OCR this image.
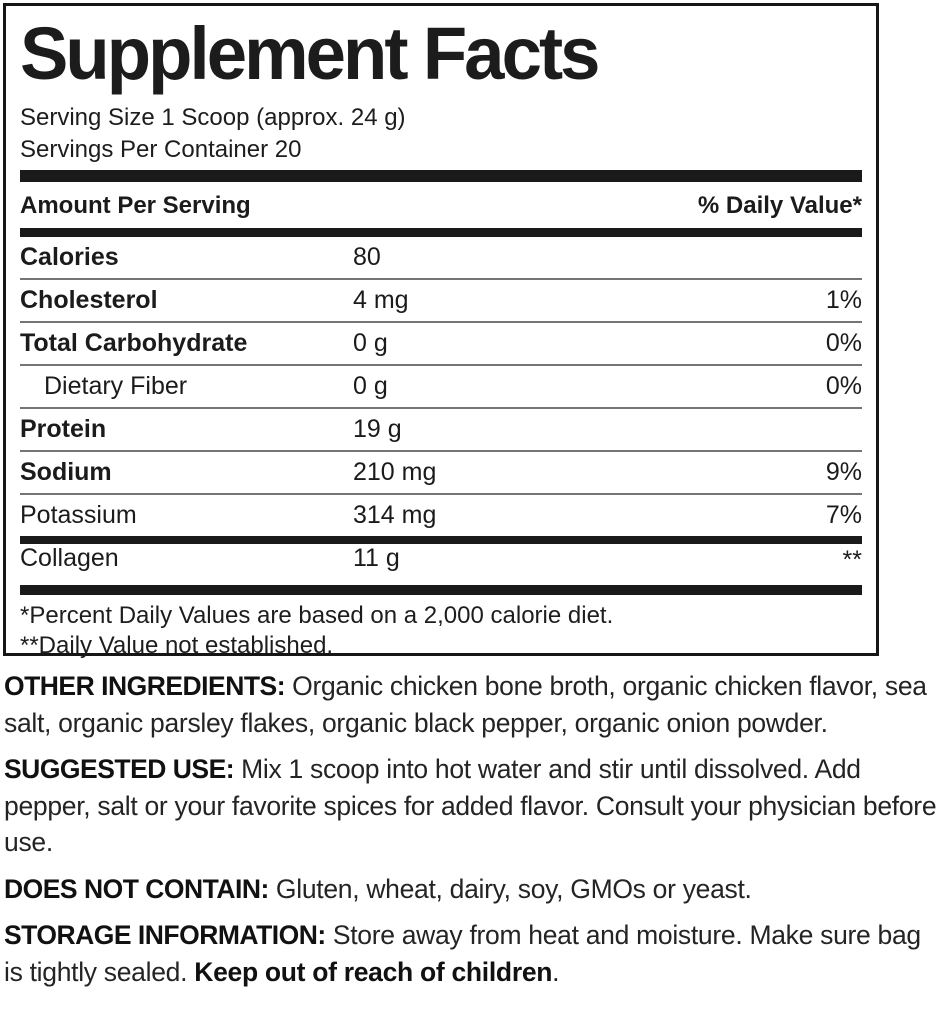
Supplement Facts
Serving Size 1 Scoop (approx. 24 g)
Servings Per Container 20
Amount Per Serving	% Daily Value*
Calories	80
Cholesterol	4 mg	1%
Total Carbohydrate	0 g	0%
Dietary Fiber	0 g	0%
Protein	19 g
Sodium	210 mg	9%
Potassium	314 mg	7%
Collagen	11 g	**
*Percent Daily Values are based on a 2,000 calorie diet.
**Daily Value not established.

OTHER INGREDIENTS: Organic chicken bone broth, organic chicken flavor, sea salt, organic parsley flakes, organic black pepper, organic onion powder.

SUGGESTED USE: Mix 1 scoop into hot water and stir until dissolved. Add pepper, salt or your favorite spices for added flavor. Consult your physician before use.

DOES NOT CONTAIN: Gluten, wheat, dairy, soy, GMOs or yeast.

STORAGE INFORMATION: Store away from heat and moisture. Make sure bag is tightly sealed. Keep out of reach of children.
